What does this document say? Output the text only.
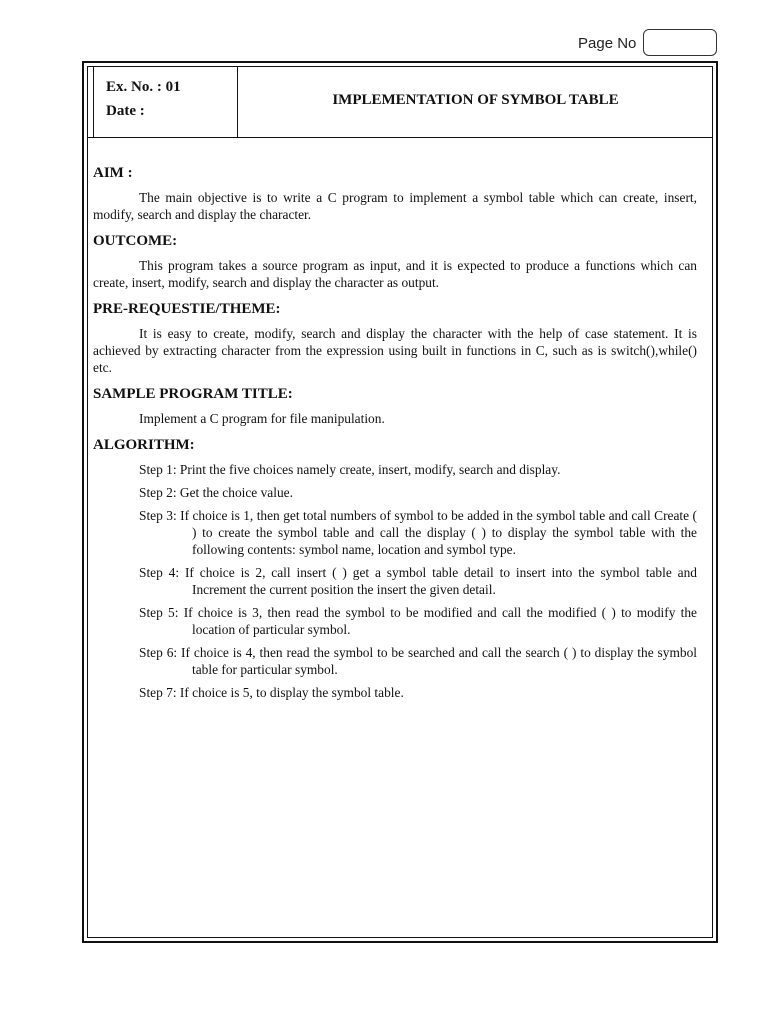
Page No
Ex. No. : 01
Date :
IMPLEMENTATION OF SYMBOL TABLE
AIM :
The main objective is to write a C program to implement a symbol table which can create, insert, modify, search and display the character.
OUTCOME:
This program takes a source program as input, and it is expected to produce a functions which can create, insert, modify, search and display the character as output.
PRE-REQUESTIE/THEME:
It is easy to create, modify, search and display the character with the help of case statement. It is achieved by extracting character from the expression using built in functions in C, such as is switch(),while() etc.
SAMPLE PROGRAM TITLE:
Implement a C program for file manipulation.
ALGORITHM:
Step 1: Print the five choices namely create, insert, modify, search and display.
Step 2: Get the choice value.
Step 3: If choice is 1, then get total numbers of symbol to be added in the symbol table and call Create ( ) to create the symbol table and call the display ( ) to display the symbol table with the following contents: symbol name, location and symbol type.
Step 4: If choice is 2, call insert ( ) get a symbol table detail to insert into the symbol table and Increment the current position the insert the given detail.
Step 5: If choice is 3, then read the symbol to be modified and call the modified ( ) to modify the location of particular symbol.
Step 6: If choice is 4, then read the symbol to be searched and call the search ( ) to display the symbol table for particular symbol.
Step 7: If choice is 5, to display the symbol table.
